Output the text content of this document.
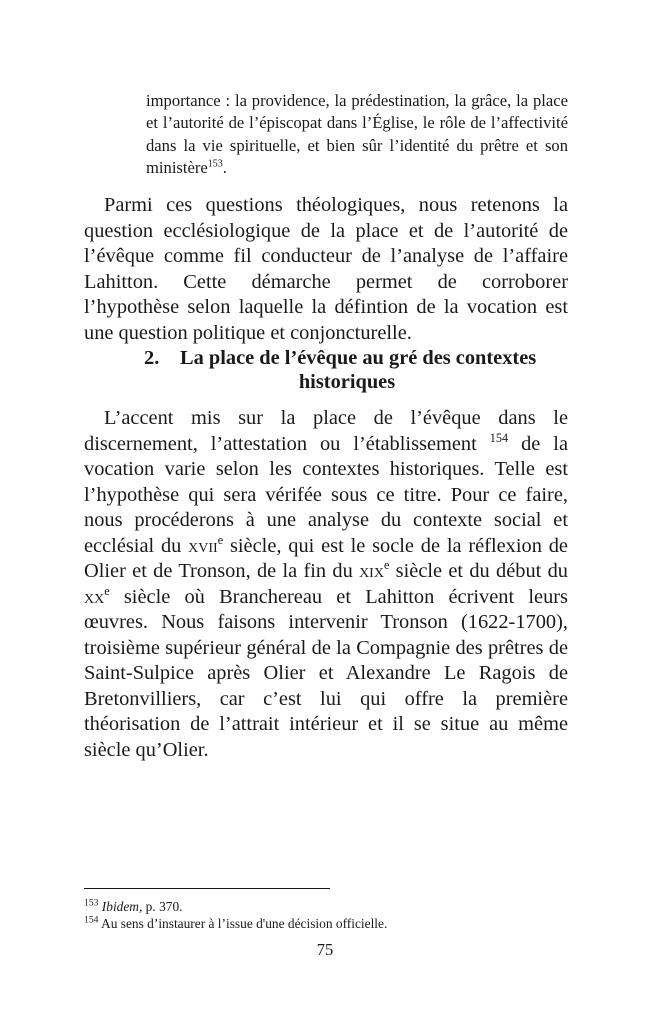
importance : la providence, la prédestination, la grâce, la place et l’autorité de l’épiscopat dans l’Église, le rôle de l’affectivité dans la vie spirituelle, et bien sûr l’identité du prêtre et son ministère$^{153}$.

Parmi ces questions théologiques, nous retenons la question ecclésiologique de la place et de l’autorité de l’évêque comme fil conducteur de l’analyse de l’affaire Lahitton. Cette démarche permet de corroborer l’hypothèse selon laquelle la défintion de la vocation est une question politique et conjoncturelle.

2. La place de l’évêque au gré des contextes
historiques

L’accent mis sur la place de l’évêque dans le discernement, l’attestation ou l’établissement $^{154}$ de la vocation varie selon les contextes historiques. Telle est l’hypothèse qui sera vérifée sous ce titre. Pour ce faire, nous procéderons à une analyse du contexte social et ecclésial du xvii$^e$ siècle, qui est le socle de la réflexion de Olier et de Tronson, de la fin du xix$^e$ siècle et du début du $xx^e$ siècle où Branchereau et Lahitton écrivent leurs œuvres. Nous faisons intervenir Tronson (1622-1700), troisième supérieur général de la Compagnie des prêtres de Saint-Sulpice après Olier et Alexandre Le Ragois de Bretonvilliers, car c’est lui qui offre la première théorisation de l’attrait intérieur et il se situe au même siècle qu’Olier.

$^{153}$ Ibidem, p. 370.
$^{154}$ Au sens d’instaurer à l’issue d'une décision officielle.
75
